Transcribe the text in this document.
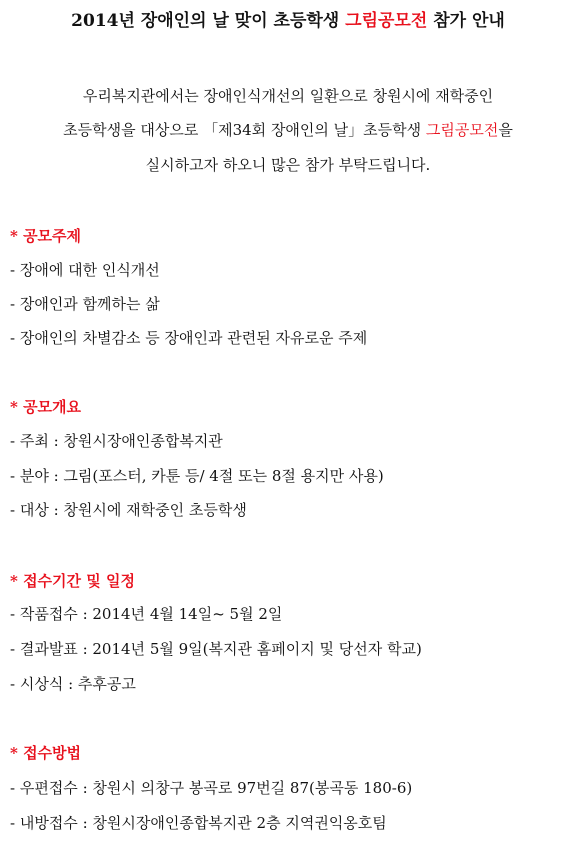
2014년 장애인의 날 맞이 초등학생 그림공모전 참가 안내
우리복지관에서는 장애인식개선의 일환으로 창원시에 재학중인
초등학생을 대상으로 「제34회 장애인의 날」초등학생 그림공모전을
실시하고자 하오니 많은 참가 부탁드립니다.
* 공모주제
- 장애에 대한 인식개선
- 장애인과 함께하는 삶
- 장애인의 차별감소 등 장애인과 관련된 자유로운 주제
* 공모개요
- 주최 : 창원시장애인종합복지관
- 분야 : 그림(포스터, 카툰 등/ 4절 또는 8절 용지만 사용)
- 대상 : 창원시에 재학중인 초등학생
* 접수기간 및 일정
- 작품접수 : 2014년 4월 14일~ 5월 2일
- 결과발표 : 2014년 5월 9일(복지관 홈페이지 및 당선자 학교)
- 시상식 : 추후공고
* 접수방법
- 우편접수 : 창원시 의창구 봉곡로 97번길 87(봉곡동 180-6)
- 내방접수 : 창원시장애인종합복지관 2층 지역권익옹호팀
